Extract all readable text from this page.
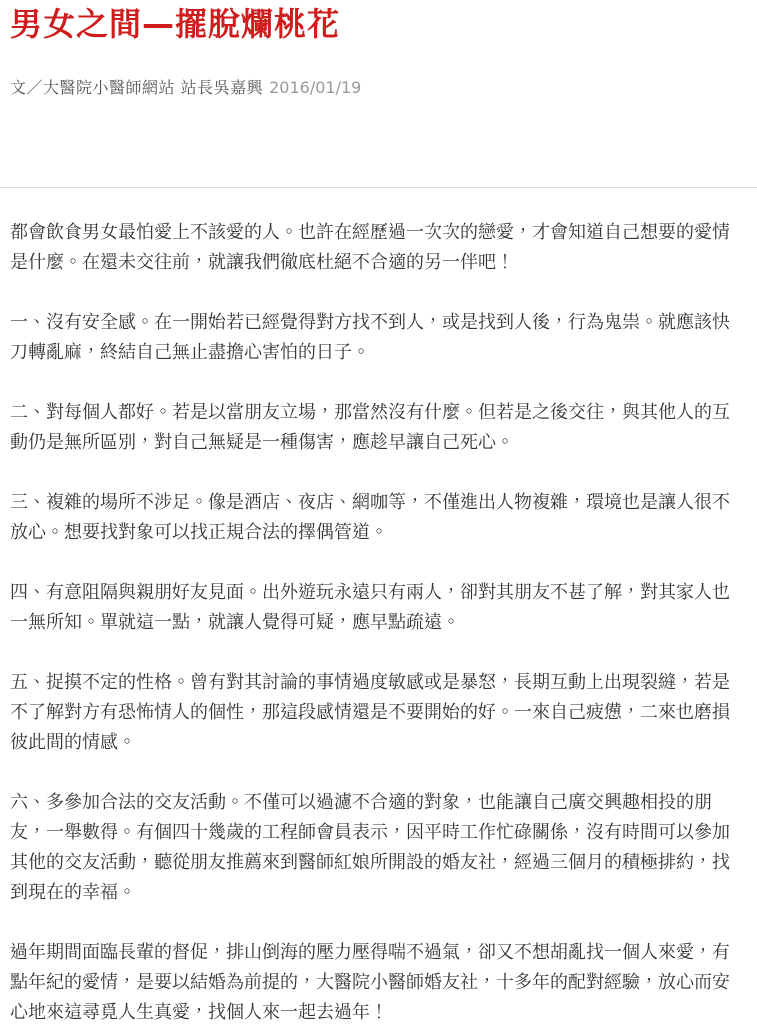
男女之間—擺脫爛桃花
文／大醫院小醫師網站 站長吳嘉興 2016/01/19

都會飲食男女最怕愛上不該愛的人。也許在經歷過一次次的戀愛，才會知道自己想要的愛情是什麼。在還未交往前，就讓我們徹底杜絕不合適的另一伴吧！

一、沒有安全感。在一開始若已經覺得對方找不到人，或是找到人後，行為鬼祟。就應該快刀轉亂麻，終結自己無止盡擔心害怕的日子。

二、對每個人都好。若是以當朋友立場，那當然沒有什麼。但若是之後交往，與其他人的互動仍是無所區別，對自己無疑是一種傷害，應趁早讓自己死心。

三、複雜的場所不涉足。像是酒店、夜店、網咖等，不僅進出人物複雜，環境也是讓人很不放心。想要找對象可以找正規合法的擇偶管道。

四、有意阻隔與親朋好友見面。出外遊玩永遠只有兩人，卻對其朋友不甚了解，對其家人也一無所知。單就這一點，就讓人覺得可疑，應早點疏遠。

五、捉摸不定的性格。曾有對其討論的事情過度敏感或是暴怒，長期互動上出現裂縫，若是不了解對方有恐怖情人的個性，那這段感情還是不要開始的好。一來自己疲憊，二來也磨損彼此間的情感。

六、多參加合法的交友活動。不僅可以過濾不合適的對象，也能讓自己廣交興趣相投的朋友，一舉數得。有個四十幾歲的工程師會員表示，因平時工作忙碌關係，沒有時間可以參加其他的交友活動，聽從朋友推薦來到醫師紅娘所開設的婚友社，經過三個月的積極排約，找到現在的幸福。

過年期間面臨長輩的督促，排山倒海的壓力壓得喘不過氣，卻又不想胡亂找一個人來愛，有點年紀的愛情，是要以結婚為前提的，大醫院小醫師婚友社，十多年的配對經驗，放心而安心地來這尋覓人生真愛，找個人來一起去過年！
